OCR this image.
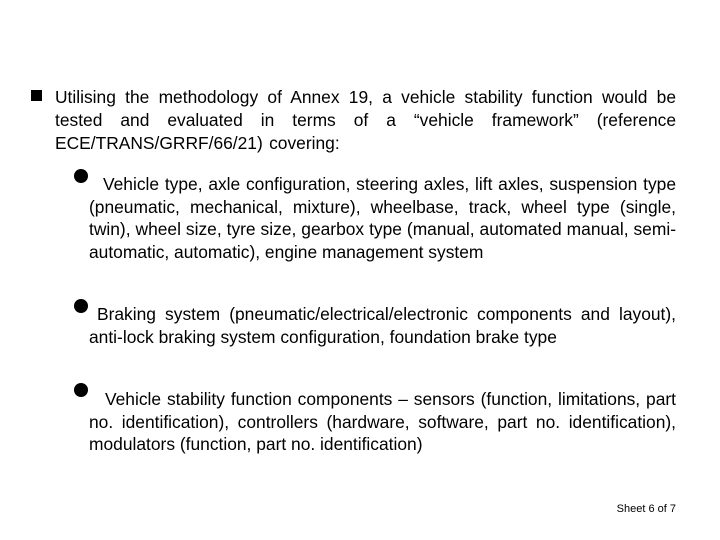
Utilising the methodology of Annex 19, a vehicle stability function would be tested and evaluated in terms of a “vehicle framework” (reference ECE/TRANS/GRRF/66/21) covering:

Vehicle type, axle configuration, steering axles, lift axles, suspension type (pneumatic, mechanical, mixture), wheelbase, track, wheel type (single, twin), wheel size, tyre size, gearbox type (manual, automated manual, semi-automatic, automatic), engine management system

Braking system (pneumatic/electrical/electronic components and layout), anti-lock braking system configuration, foundation brake type

Vehicle stability function components – sensors (function, limitations, part no. identification), controllers (hardware, software, part no. identification), modulators (function, part no. identification)

Sheet 6 of 7
